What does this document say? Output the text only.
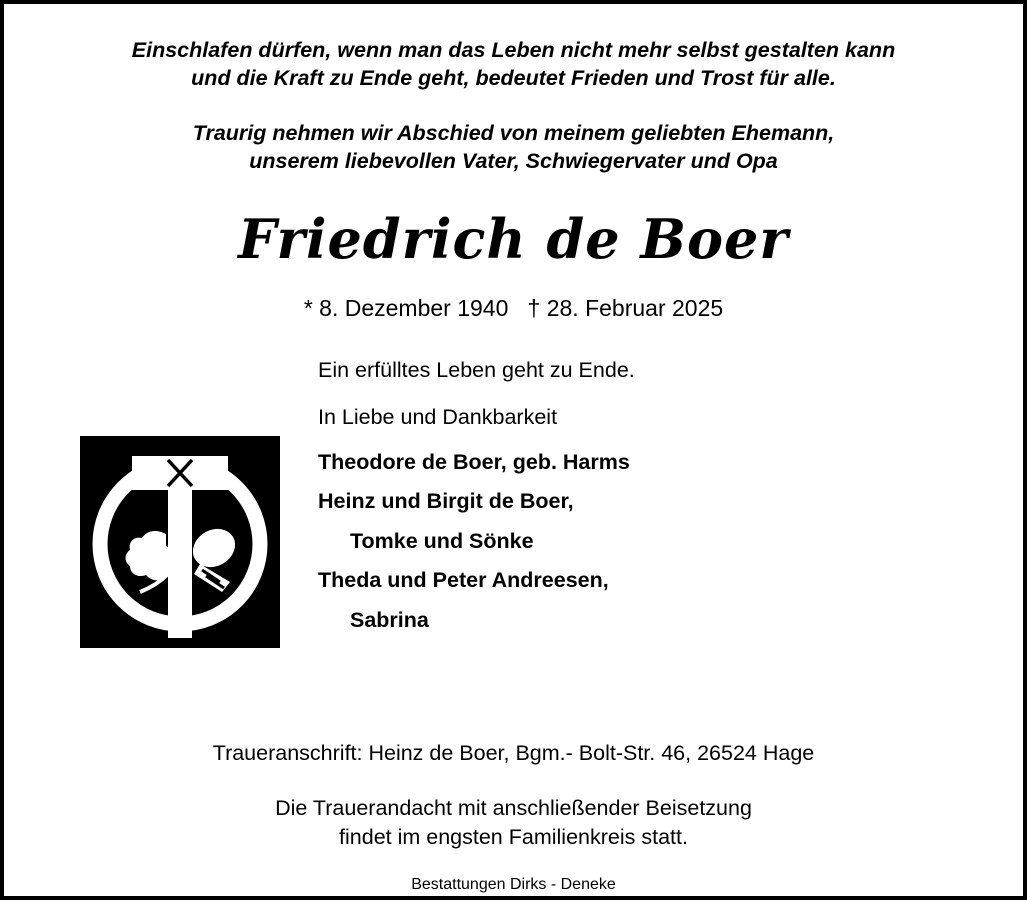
Einschlafen dürfen, wenn man das Leben nicht mehr selbst gestalten kann
und die Kraft zu Ende geht, bedeutet Frieden und Trost für alle.
Traurig nehmen wir Abschied von meinem geliebten Ehemann,
unserem liebevollen Vater, Schwiegervater und Opa
Friedrich de Boer
* 8. Dezember 1940   † 28. Februar 2025
Ein erfülltes Leben geht zu Ende.
In Liebe und Dankbarkeit
Theodore de Boer, geb. Harms
Heinz und Birgit de Boer,
Tomke und Sönke
Theda und Peter Andreesen,
Sabrina
Traueranschrift: Heinz de Boer, Bgm.- Bolt-Str. 46, 26524 Hage
Die Trauerandacht mit anschließender Beisetzung
findet im engsten Familienkreis statt.
Bestattungen Dirks - Deneke
